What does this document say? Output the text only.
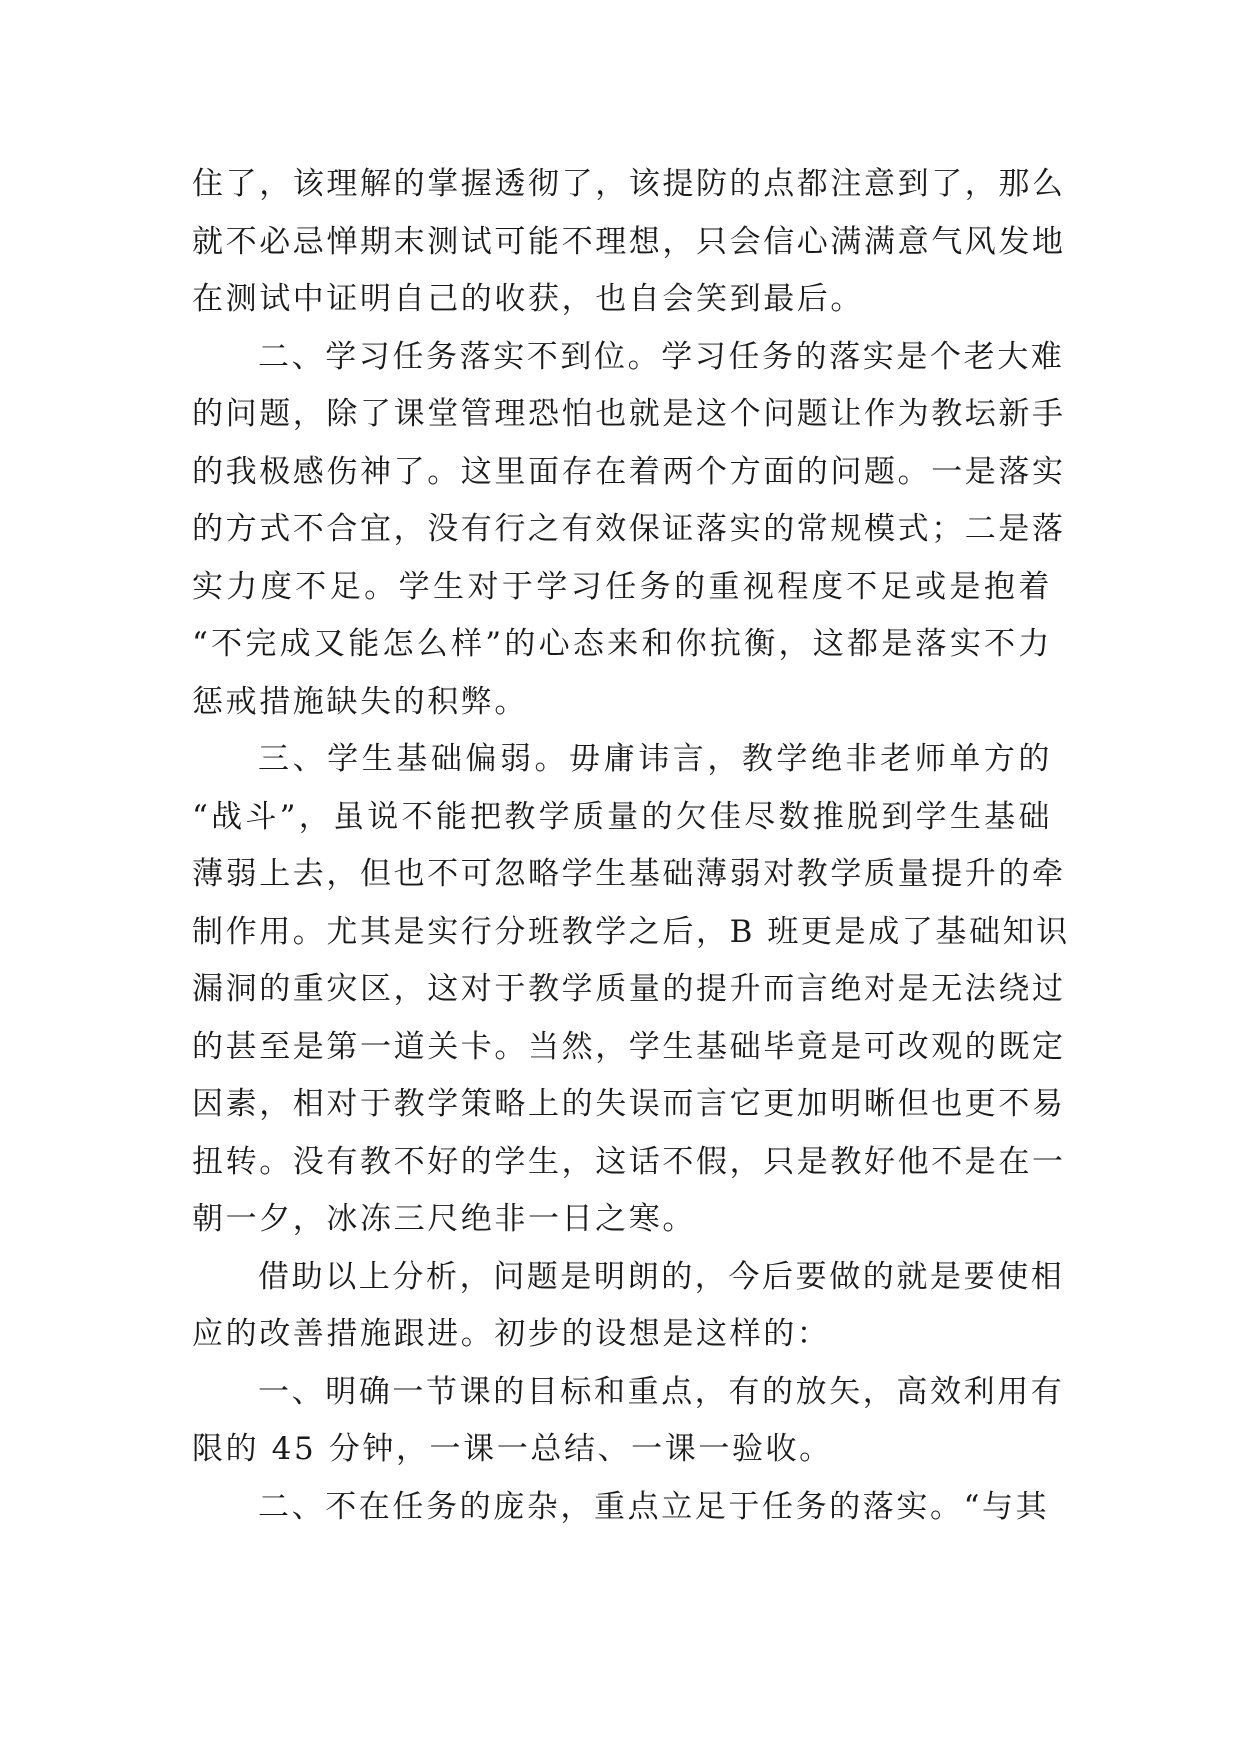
住了，该理解的掌握透彻了，该提防的点都注意到了，那么
就不必忌惮期末测试可能不理想，只会信心满满意气风发地
在测试中证明自己的收获，也自会笑到最后。
二、学习任务落实不到位。学习任务的落实是个老大难
的问题，除了课堂管理恐怕也就是这个问题让作为教坛新手
的我极感伤神了。这里面存在着两个方面的问题。一是落实
的方式不合宜，没有行之有效保证落实的常规模式；二是落
实力度不足。学生对于学习任务的重视程度不足或是抱着
“不完成又能怎么样”的心态来和你抗衡，这都是落实不力
惩戒措施缺失的积弊。
三、学生基础偏弱。毋庸讳言，教学绝非老师单方的
“战斗”，虽说不能把教学质量的欠佳尽数推脱到学生基础
薄弱上去，但也不可忽略学生基础薄弱对教学质量提升的牵
制作用。尤其是实行分班教学之后，B 班更是成了基础知识
漏洞的重灾区，这对于教学质量的提升而言绝对是无法绕过
的甚至是第一道关卡。当然，学生基础毕竟是可改观的既定
因素，相对于教学策略上的失误而言它更加明晰但也更不易
扭转。没有教不好的学生，这话不假，只是教好他不是在一
朝一夕，冰冻三尺绝非一日之寒。
借助以上分析，问题是明朗的，今后要做的就是要使相
应的改善措施跟进。初步的设想是这样的：
一、明确一节课的目标和重点，有的放矢，高效利用有
限的 45 分钟，一课一总结、一课一验收。
二、不在任务的庞杂，重点立足于任务的落实。“与其
